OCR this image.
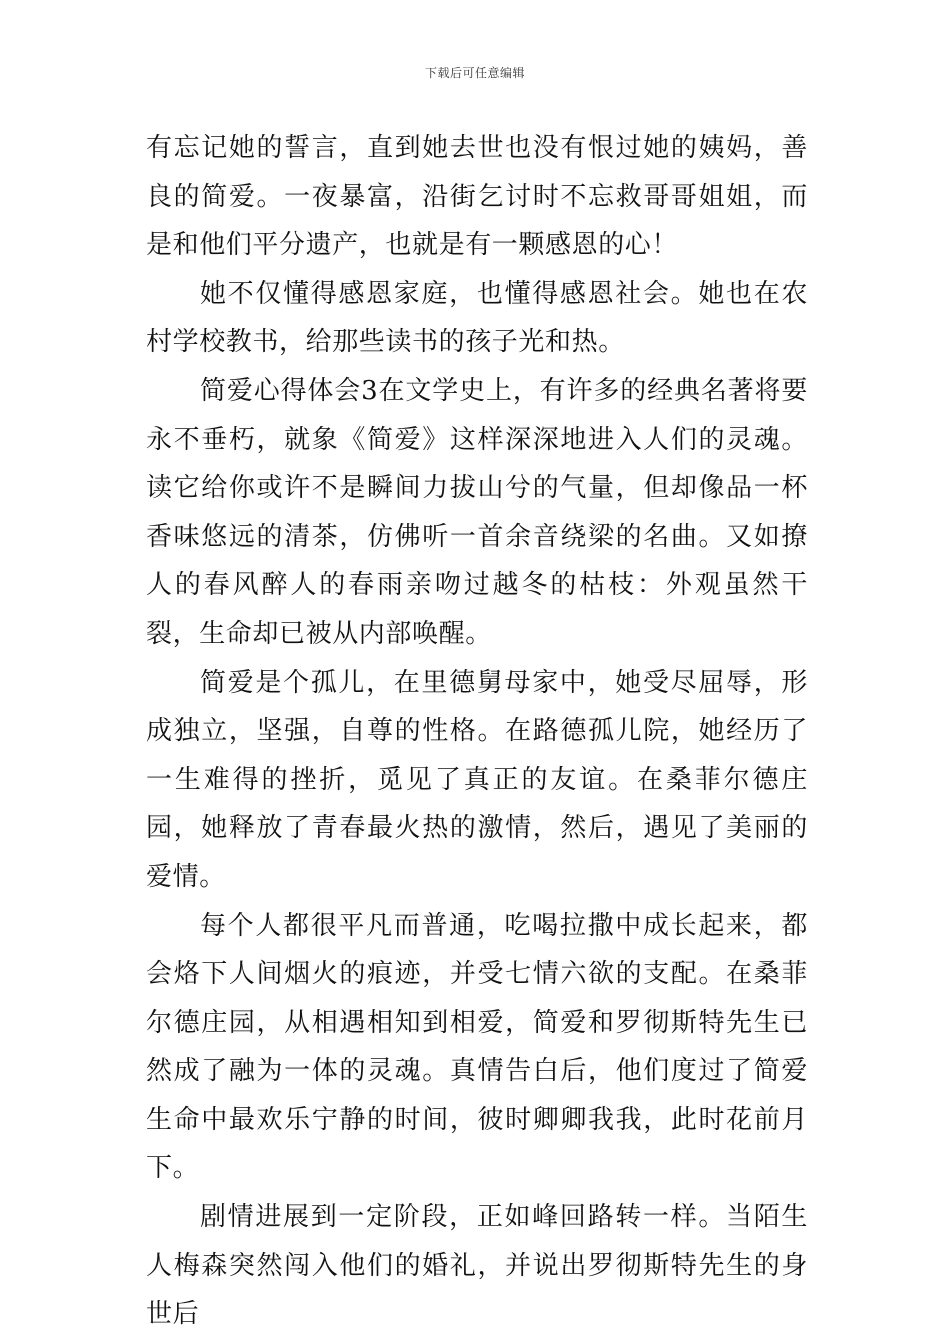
下载后可任意编辑

有忘记她的誓言，直到她去世也没有恨过她的姨妈，善良的简爱。一夜暴富，沿街乞讨时不忘救哥哥姐姐，而是和他们平分遗产，也就是有一颗感恩的心！

她不仅懂得感恩家庭，也懂得感恩社会。她也在农村学校教书，给那些读书的孩子光和热。

简爱心得体会3在文学史上，有许多的经典名著将要永不垂朽，就象《简爱》这样深深地进入人们的灵魂。读它给你或许不是瞬间力拔山兮的气量，但却像品一杯香味悠远的清茶，仿佛听一首余音绕梁的名曲。又如撩人的春风醉人的春雨亲吻过越冬的枯枝：外观虽然干裂，生命却已被从内部唤醒。

简爱是个孤儿，在里德舅母家中，她受尽屈辱，形成独立，坚强，自尊的性格。在路德孤儿院，她经历了一生难得的挫折，觅见了真正的友谊。在桑菲尔德庄园，她释放了青春最火热的激情，然后，遇见了美丽的爱情。

每个人都很平凡而普通，吃喝拉撒中成长起来，都会烙下人间烟火的痕迹，并受七情六欲的支配。在桑菲尔德庄园，从相遇相知到相爱，简爱和罗彻斯特先生已然成了融为一体的灵魂。真情告白后，他们度过了简爱生命中最欢乐宁静的时间，彼时卿卿我我，此时花前月下。

剧情进展到一定阶段，正如峰回路转一样。当陌生人梅森突然闯入他们的婚礼，并说出罗彻斯特先生的身世后
